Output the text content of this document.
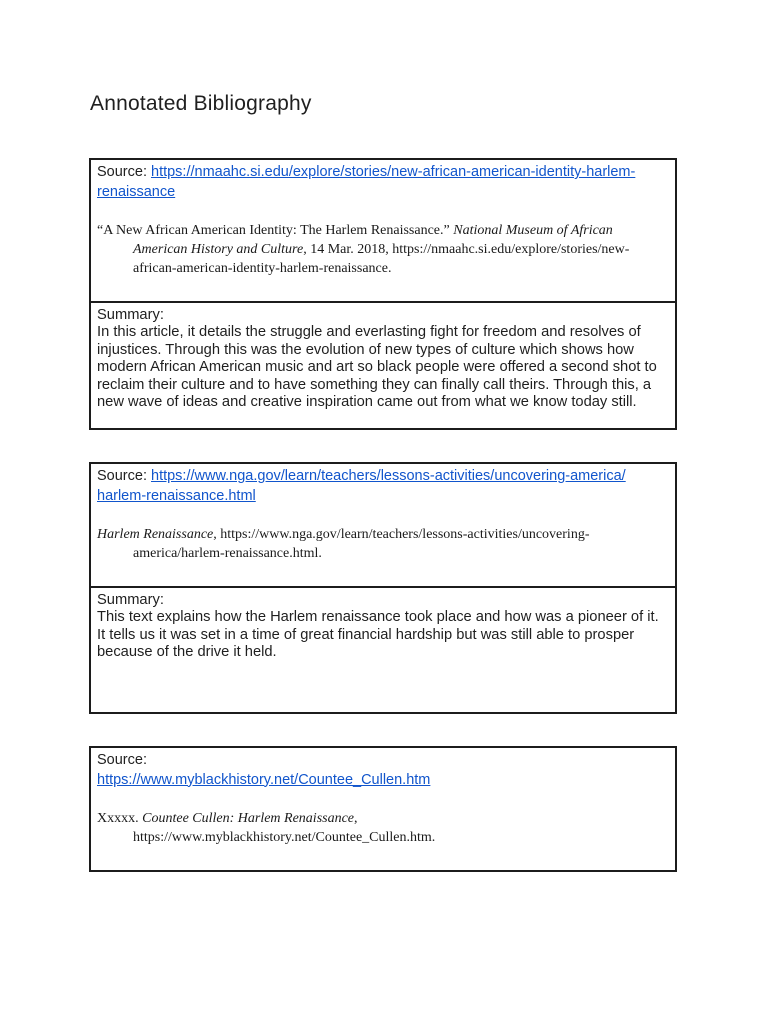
Annotated Bibliography
Source: https://nmaahc.si.edu/explore/stories/new-african-american-identity-harlem-
renaissance
“A New African American Identity: The Harlem Renaissance.” National Museum of African
American History and Culture, 14 Mar. 2018, https://nmaahc.si.edu/explore/stories/new-
african-american-identity-harlem-renaissance.
Summary:
In this article, it details the struggle and everlasting fight for freedom and resolves of injustices. Through this was the evolution of new types of culture which shows how modern African American music and art so black people were offered a second shot to reclaim their culture and to have something they can finally call theirs. Through this, a new wave of ideas and creative inspiration came out from what we know today still.
Source: https://www.nga.gov/learn/teachers/lessons-activities/uncovering-america/
harlem-renaissance.html
Harlem Renaissance, https://www.nga.gov/learn/teachers/lessons-activities/uncovering-
america/harlem-renaissance.html.
Summary:
This text explains how the Harlem renaissance took place and how was a pioneer of it. It tells us it was set in a time of great financial hardship but was still able to prosper because of the drive it held.
Source:
https://www.myblackhistory.net/Countee_Cullen.htm
Xxxxx. Countee Cullen: Harlem Renaissance,
https://www.myblackhistory.net/Countee_Cullen.htm.
